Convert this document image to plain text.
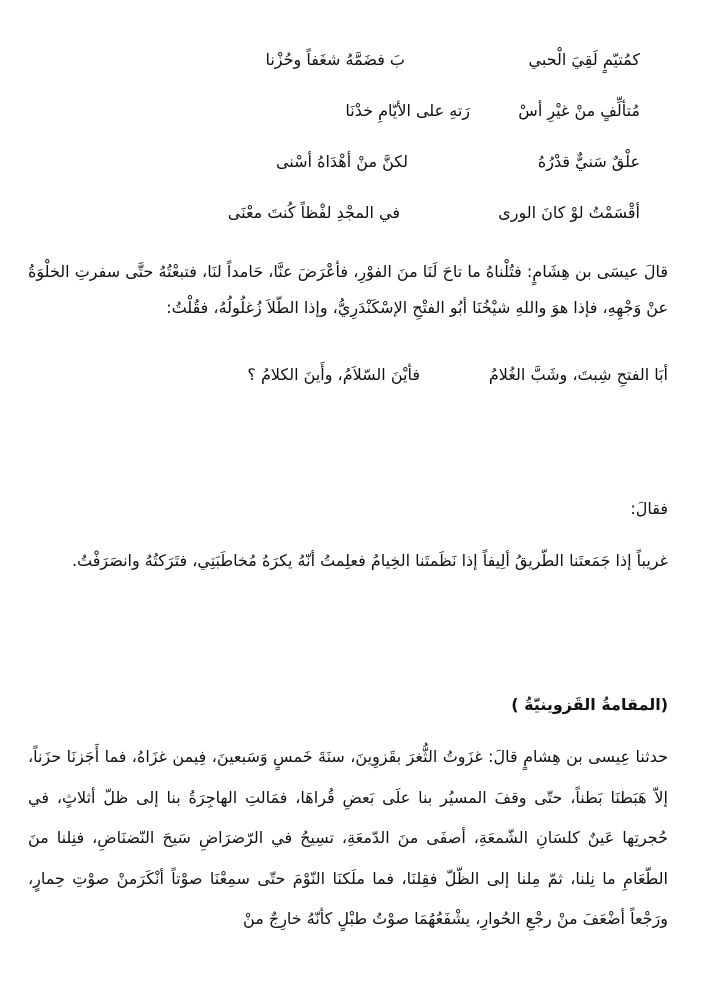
كمُتيّمٍ لَقِيَ الْحبي
بَ فضَمَّهُ شغَفاً وحُزْنا
مُتألِّفٍ منْ غيْرِ أسْ
رَتهِ على الأيّامِ خدْنَا
علْقٌ سَنيٌّ قدْرُهُ
لكنَّ منْ أهْدَاهُ أسْنى
أقْسَمْتُ لوْ كانَ الورى
في المجْدِ لفْظاً كُنتَ معْنَى
قالَ عيسَى بن هِشَامٍ: فتُلْناهُ ما تاحَ لَنَا منَ الفوْرِ، فأعْرَضَ عنَّا، حَامداً لنَا، فتبعْتُهُ حتَّى سفرتِ الخلْوَةُ عنْ وَجْهِهِ، فإذا هوَ واللهِ شيْخُنَا أبُو الفتْحِ الإسْكَنْدَرِيُّ، وإذا الطّلاَ زُغلُولُهُ، فقُلْتُ:
أبَا الفتحِ شِبتَ، وشَبَّ الغُلامُ
فأيْنَ السّلاَمُ، وأَينَ الكلامُ ؟
فقالَ:
غريباً إذا جَمَعتَنا الطّريقُ ألِيفاً إذا نَظَمتَنا الخِيامُ فعلِمتُ أنّهُ يكرَهُ مُخاطَبَتِي، فتَرَكتُهُ وانصَرَفْتُ.
(المقامةُ القَزوينيّةُ )
حدثنا عِيسى بن هِشامٍ قالَ: غزَوتُ الثُّغرَ بقَزوِينَ، سنَةَ خَمسٍ وَسَبعينَ، فِيمن غزَاهُ، فما أَجَزنَا حزَناً، إلاّ هَبَطنَا بَطناً، حتّى وقفَ المسيُر بنا علَى بَعضِ قُراهَا، فمَالتِ الهاجِرَةُ بنا إلى ظلّ أثلاثٍ، في حُجرتِها عَينٌ كلسَانِ الشّمعَةِ، أصفَى منَ الدّمعَةِ، تسِيحُ في الرّضرَاضِ سَيحَ النّضنَاضِ، فنِلنا منَ الطّعَامِ ما نِلنا، ثمّ مِلنا إلى الظّلّ فقِلنَا، فما ملَكنَا النّوْمَ حتّى سمِعْنَا صوْتاً أنْكَرَمنْ صوْتِ حِمارٍ، ورَجْعاً أضْعَفَ منْ رجْعِ الحُوارِ، يشْفَعُهُمَا صوْتُ طبْلٍ كأنّهُ خارِجٌ منْ
